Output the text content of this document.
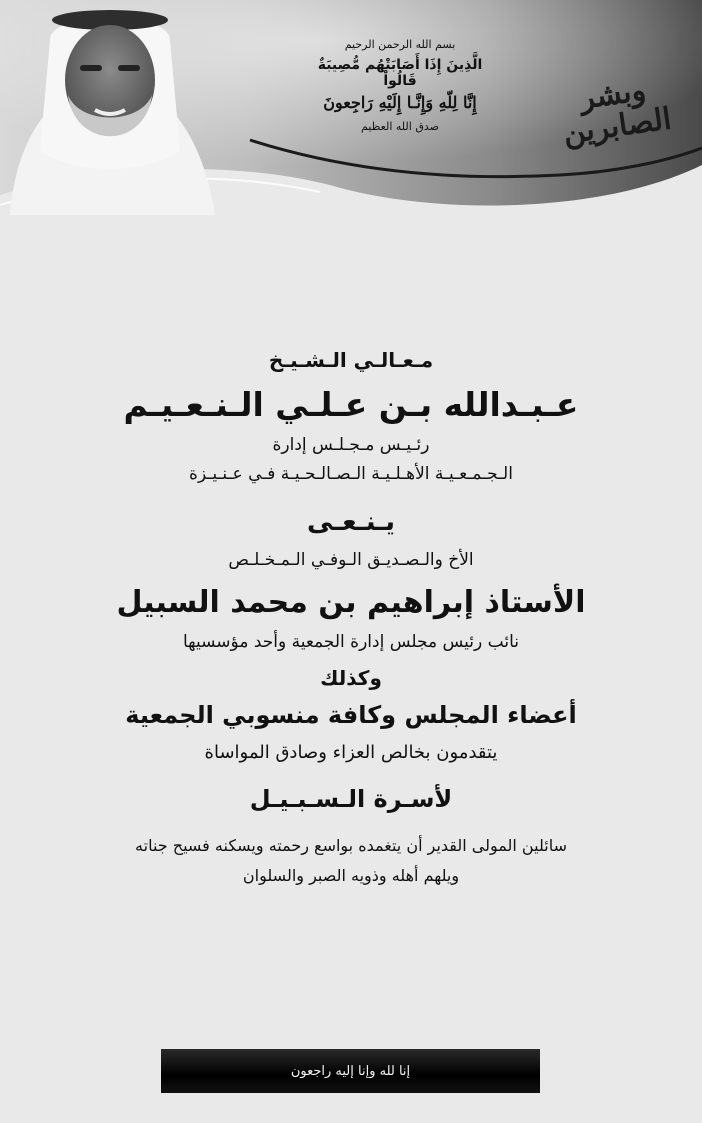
بسم الله الرحمن الرحيم
الَّذِينَ إِذَا أَصَابَتْهُم مُّصِيبَةٌ قَالُواْ
إِنَّا لِلّهِ وَإِنَّـا إِلَيْهِ رَاجِعونَ
صدق الله العظيم
وبشر الصابرين
مـعـالـي الـشـيـخ
عـبـدالله بـن عـلـي الـنـعـيـم
رئـيـس مـجـلـس إدارة
الـجـمـعـيـة الأهـلـيـة الـصـالـحـيـة فـي عـنـيـزة
يـنـعـى
الأخ والـصـديـق الـوفـي الـمـخـلـص
الأستاذ إبراهيم بن محمد السبيل
نائب رئيس مجلس إدارة الجمعية وأحد مؤسسيها
وكذلك
أعضاء المجلس وكافة منسوبي الجمعية
يتقدمون بخالص العزاء وصادق المواساة
لأسـرة الـسـبـيـل
سائلين المولى القدير أن يتغمده بواسع رحمته ويسكنه فسيح جناته
ويلهم أهله وذويه الصبر والسلوان
إنا لله وإنا إليه راجعون
